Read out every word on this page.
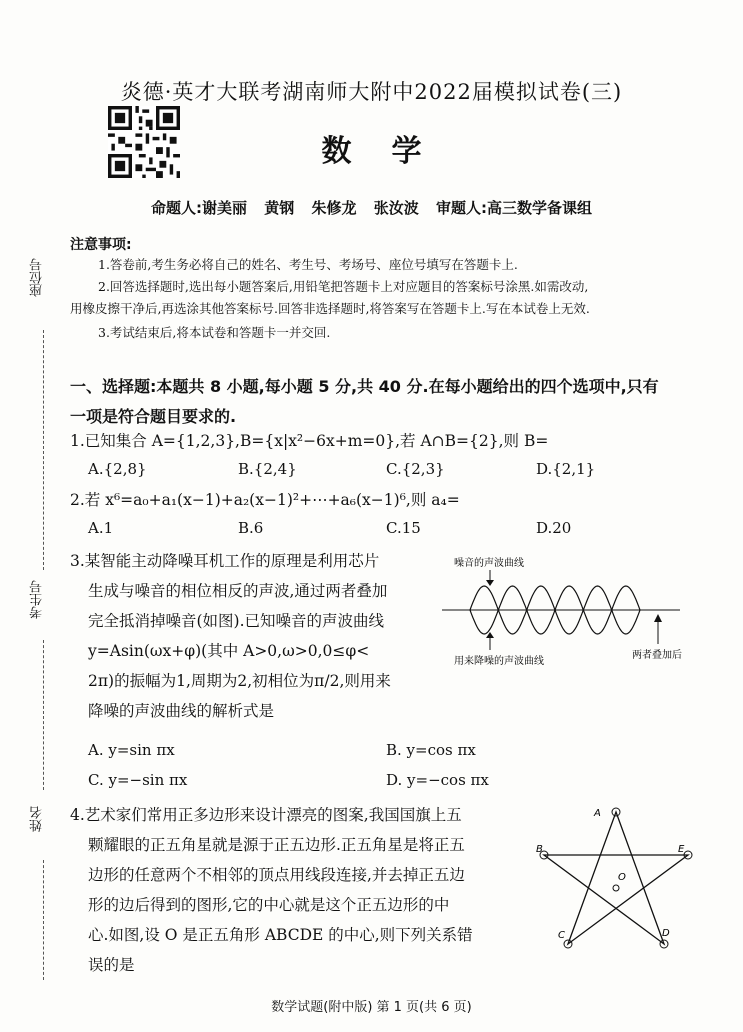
炎德·英才大联考湖南师大附中2022届模拟试卷(三)
数学
命题人:谢美丽 黄钢 朱修龙 张汝波 审题人:高三数学备课组
座位号
考生号
姓名
注意事项:
1.答卷前,考生务必将自己的姓名、考生号、考场号、座位号填写在答题卡上.
2.回答选择题时,选出每小题答案后,用铅笔把答题卡上对应题目的答案标号涂黑.如需改动,
用橡皮擦干净后,再选涂其他答案标号.回答非选择题时,将答案写在答题卡上.写在本试卷上无效.
3.考试结束后,将本试卷和答题卡一并交回.
一、选择题:本题共 8 小题,每小题 5 分,共 40 分.在每小题给出的四个选项中,只有
一项是符合题目要求的.
1.已知集合 A={1,2,3},B={x|x²−6x+m=0},若 A∩B={2},则 B=
A.{2,8}	B.{2,4}	C.{2,3}	D.{2,1}
2.若 x⁶=a₀+a₁(x−1)+a₂(x−1)²+⋯+a₆(x−1)⁶,则 a₄=
A.1	B.6	C.15	D.20
3.某智能主动降噪耳机工作的原理是利用芯片
生成与噪音的相位相反的声波,通过两者叠加
完全抵消掉噪音(如图).已知噪音的声波曲线
y=Asin(ωx+φ)(其中 A>0,ω>0,0≤φ<
2π)的振幅为1,周期为2,初相位为π/2,则用来
降噪的声波曲线的解析式是
噪音的声波曲线
用来降噪的声波曲线
两者叠加后
A. y=sin πx	B. y=cos πx
C. y=−sin πx	D. y=−cos πx
4.艺术家们常用正多边形来设计漂亮的图案,我国国旗上五
颗耀眼的正五角星就是源于正五边形.正五角星是将正五
边形的任意两个不相邻的顶点用线段连接,并去掉正五边
形的边后得到的图形,它的中心就是这个正五边形的中
心.如图,设 O 是正五角形 ABCDE 的中心,则下列关系错
误的是
A
B	E
C	D
O
数学试题(附中版) 第 1 页(共 6 页)
